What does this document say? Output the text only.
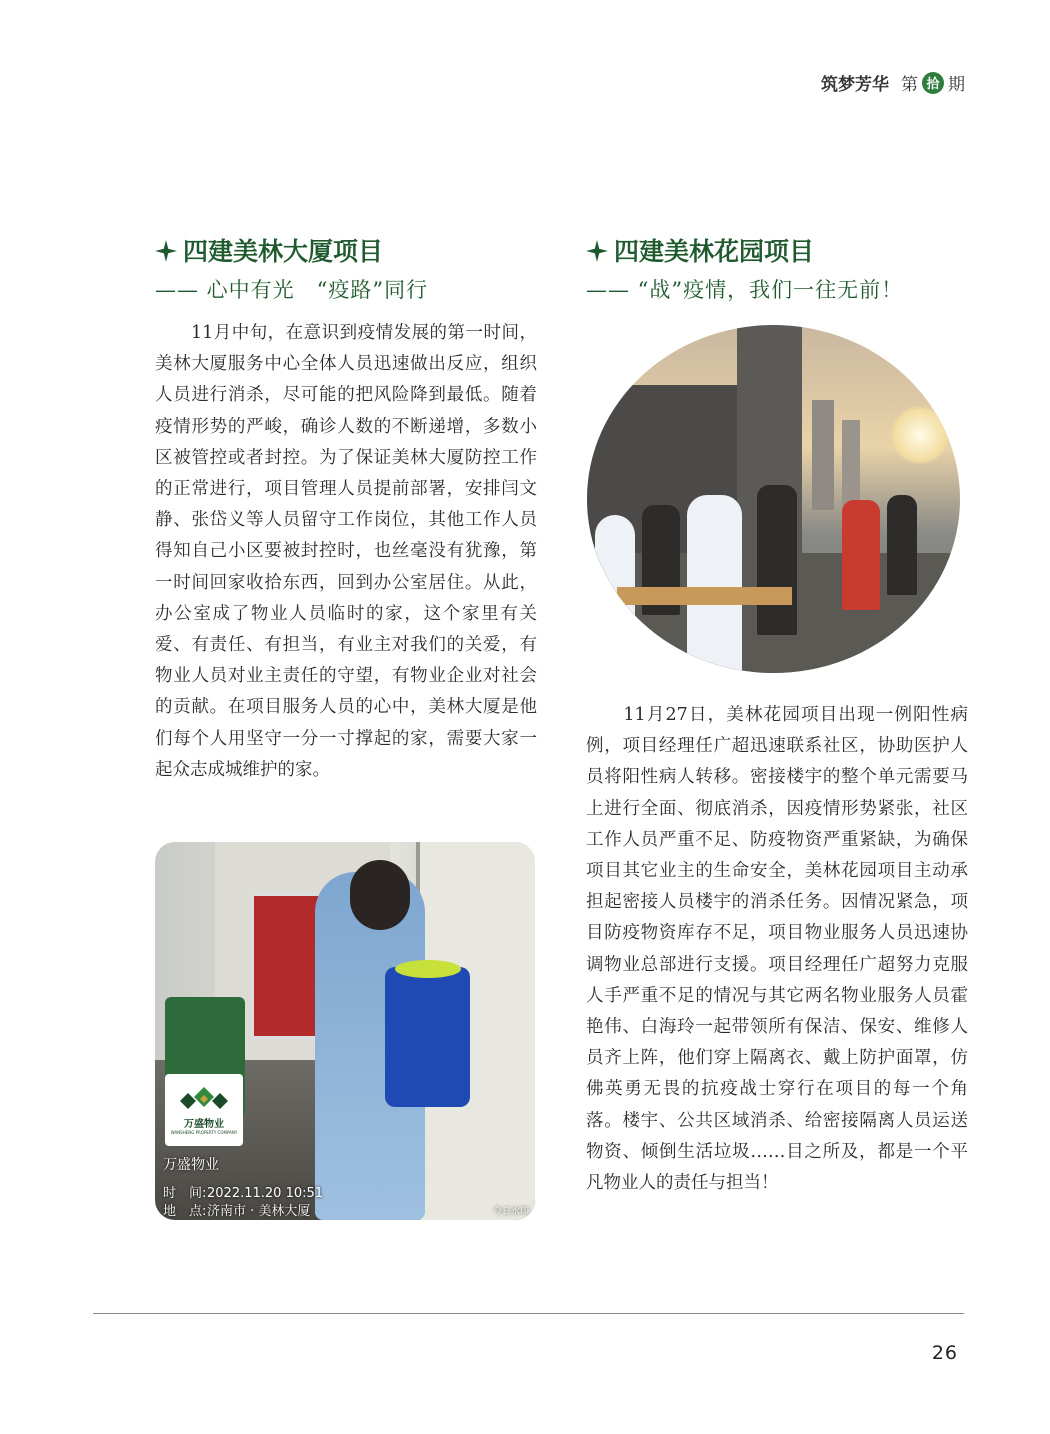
筑梦芳华 第 拾 期
四建美林大厦项目
—— 心中有光　“疫路”同行

　　11月中旬，在意识到疫情发展的第一时间，美林大厦服务中心全体人员迅速做出反应，组织人员进行消杀，尽可能的把风险降到最低。随着疫情形势的严峻，确诊人数的不断递增，多数小区被管控或者封控。为了保证美林大厦防控工作的正常进行，项目管理人员提前部署，安排闫文静、张岱义等人员留守工作岗位，其他工作人员得知自己小区要被封控时，也丝毫没有犹豫，第一时间回家收拾东西，回到办公室居住。从此，办公室成了物业人员临时的家，这个家里有关爱、有责任、有担当，有业主对我们的关爱，有物业人员对业主责任的守望，有物业企业对社会的贡献。在项目服务人员的心中，美林大厦是他们每个人用坚守一分一寸撑起的家，需要大家一起众志成城维护的家。

万盛物业
WANSHENG PROPERTY COMPANY
万盛物业
时　间:2022.11.20 10:51
地　点:济南市 · 美林大厦	今日水印
四建美林花园项目
—— “战”疫情，我们一往无前！

　　11月27日，美林花园项目出现一例阳性病例，项目经理任广超迅速联系社区，协助医护人员将阳性病人转移。密接楼宇的整个单元需要马上进行全面、彻底消杀，因疫情形势紧张，社区工作人员严重不足、防疫物资严重紧缺，为确保项目其它业主的生命安全，美林花园项目主动承担起密接人员楼宇的消杀任务。因情况紧急，项目防疫物资库存不足，项目物业服务人员迅速协调物业总部进行支援。项目经理任广超努力克服人手严重不足的情况与其它两名物业服务人员霍艳伟、白海玲一起带领所有保洁、保安、维修人员齐上阵，他们穿上隔离衣、戴上防护面罩，仿佛英勇无畏的抗疫战士穿行在项目的每一个角落。楼宇、公共区域消杀、给密接隔离人员运送物资、倾倒生活垃圾……目之所及，都是一个平凡物业人的责任与担当！

26
